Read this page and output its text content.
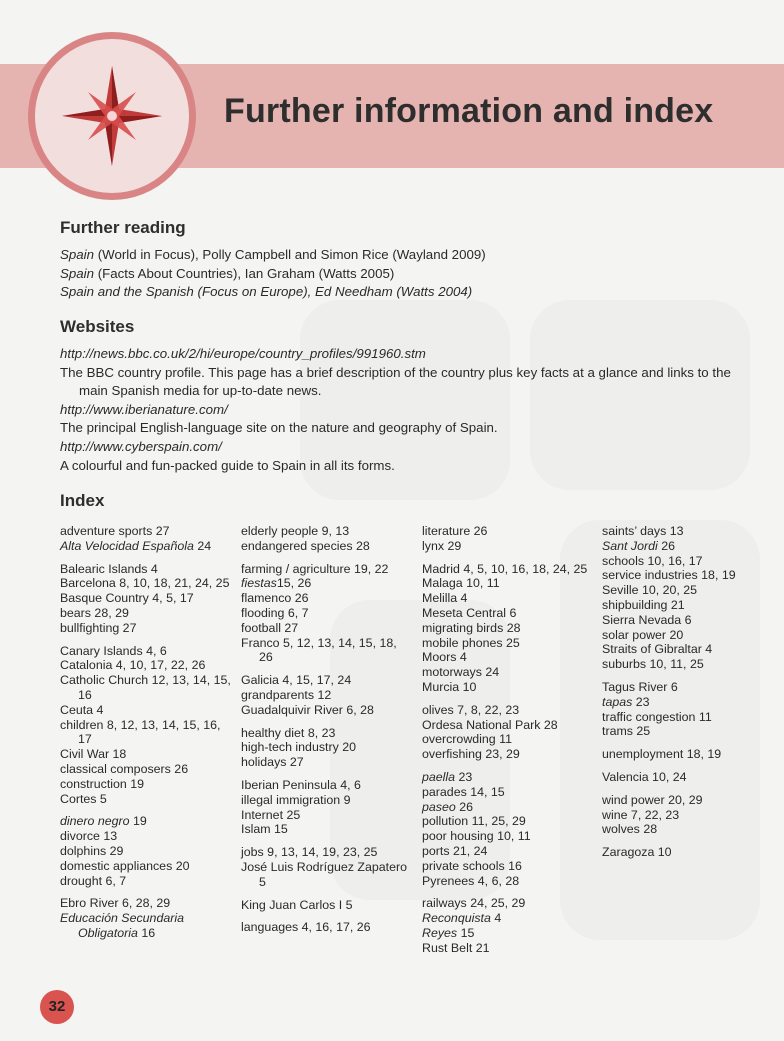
Further information and index
Further reading

Spain (World in Focus), Polly Campbell and Simon Rice (Wayland 2009)

Spain (Facts About Countries), Ian Graham (Watts 2005)

Spain and the Spanish (Focus on Europe), Ed Needham (Watts 2004)

Websites

http://news.bbc.co.uk/2/hi/europe/country_profiles/991960.stm

The BBC country profile. This page has a brief description of the country plus key facts at a glance and links to the main Spanish media for up-to-date news.

http://www.iberianature.com/

The principal English-language site on the nature and geography of Spain.

http://www.cyberspain.com/

A colourful and fun-packed guide to Spain in all its forms.

Index
adventure sports 27
Alta Velocidad Española 24
Balearic Islands 4
Barcelona 8, 10, 18, 21, 24, 25
Basque Country 4, 5, 17
bears 28, 29
bullfighting 27
Canary Islands 4, 6
Catalonia 4, 10, 17, 22, 26
Catholic Church 12, 13, 14, 15, 16
Ceuta 4
children 8, 12, 13, 14, 15, 16, 17
Civil War 18
classical composers 26
construction 19
Cortes 5
dinero negro 19
divorce 13
dolphins 29
domestic appliances 20
drought 6, 7
Ebro River 6, 28, 29
Educación Secundaria Obligatoria 16
elderly people 9, 13
endangered species 28
farming / agriculture 19, 22
fiestas15, 26
flamenco 26
flooding 6, 7
football 27
Franco 5, 12, 13, 14, 15, 18, 26
Galicia 4, 15, 17, 24
grandparents 12
Guadalquivir River 6, 28
healthy diet 8, 23
high-tech industry 20
holidays 27
Iberian Peninsula 4, 6
illegal immigration 9
Internet 25
Islam 15
jobs 9, 13, 14, 19, 23, 25
José Luis Rodríguez Zapatero 5
King Juan Carlos I 5
languages 4, 16, 17, 26
literature 26
lynx 29
Madrid 4, 5, 10, 16, 18, 24, 25
Malaga 10, 11
Melilla 4
Meseta Central 6
migrating birds 28
mobile phones 25
Moors 4
motorways 24
Murcia 10
olives 7, 8, 22, 23
Ordesa National Park 28
overcrowding 11
overfishing 23, 29
paella 23
parades 14, 15
paseo 26
pollution 11, 25, 29
poor housing 10, 11
ports 21, 24
private schools 16
Pyrenees 4, 6, 28
railways 24, 25, 29
Reconquista 4
Reyes 15
Rust Belt 21
saints’ days 13
Sant Jordi 26
schools 10, 16, 17
service industries 18, 19
Seville 10, 20, 25
shipbuilding 21
Sierra Nevada 6
solar power 20
Straits of Gibraltar 4
suburbs 10, 11, 25
Tagus River 6
tapas 23
traffic congestion 11
trams 25
unemployment 18, 19
Valencia 10, 24
wind power 20, 29
wine 7, 22, 23
wolves 28
Zaragoza 10
32
